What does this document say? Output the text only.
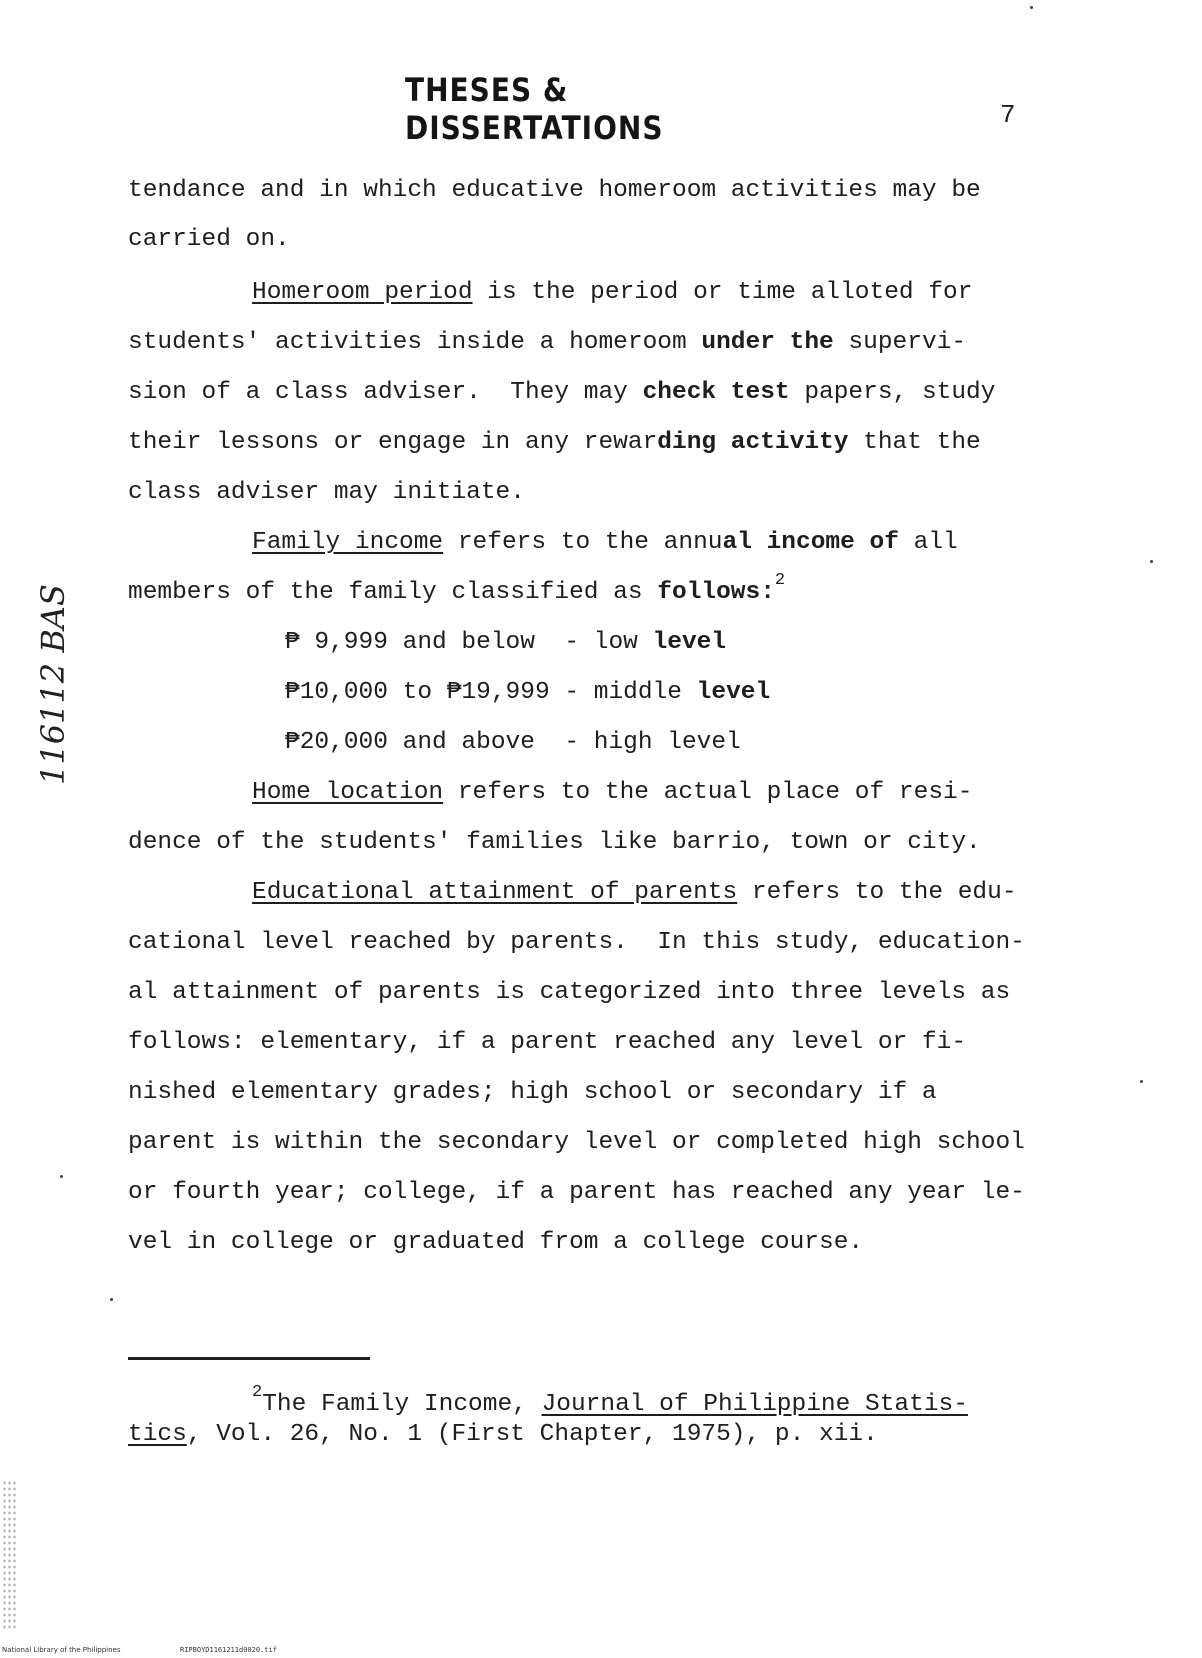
THESES & DISSERTATIONS	7
116112 BAS
tendance and in which educative homeroom activities may be
carried on.
Homeroom period is the period or time alloted for
students' activities inside a homeroom under the supervi-
sion of a class adviser.  They may check test papers, study
their lessons or engage in any rewarding activity that the
class adviser may initiate.
Family income refers to the annual income of all
members of the family classified as follows:$^2$
₱ 9,999 and below  - low level
₱10,000 to ₱19,999 - middle level
₱20,000 and above  - high level
Home location refers to the actual place of resi-
dence of the students' families like barrio, town or city.
Educational attainment of parents refers to the edu-
cational level reached by parents.  In this study, education-
al attainment of parents is categorized into three levels as
follows: elementary, if a parent reached any level or fi-
nished elementary grades; high school or secondary if a
parent is within the secondary level or completed high school
or fourth year; college, if a parent has reached any year le-
vel in college or graduated from a college course.
$^2$The Family Income, Journal of Philippine Statis-
tics, Vol. 26, No. 1 (First Chapter, 1975), p. xii.
National Library of the Philippines	RIPBOYD1161211d0020.tif
